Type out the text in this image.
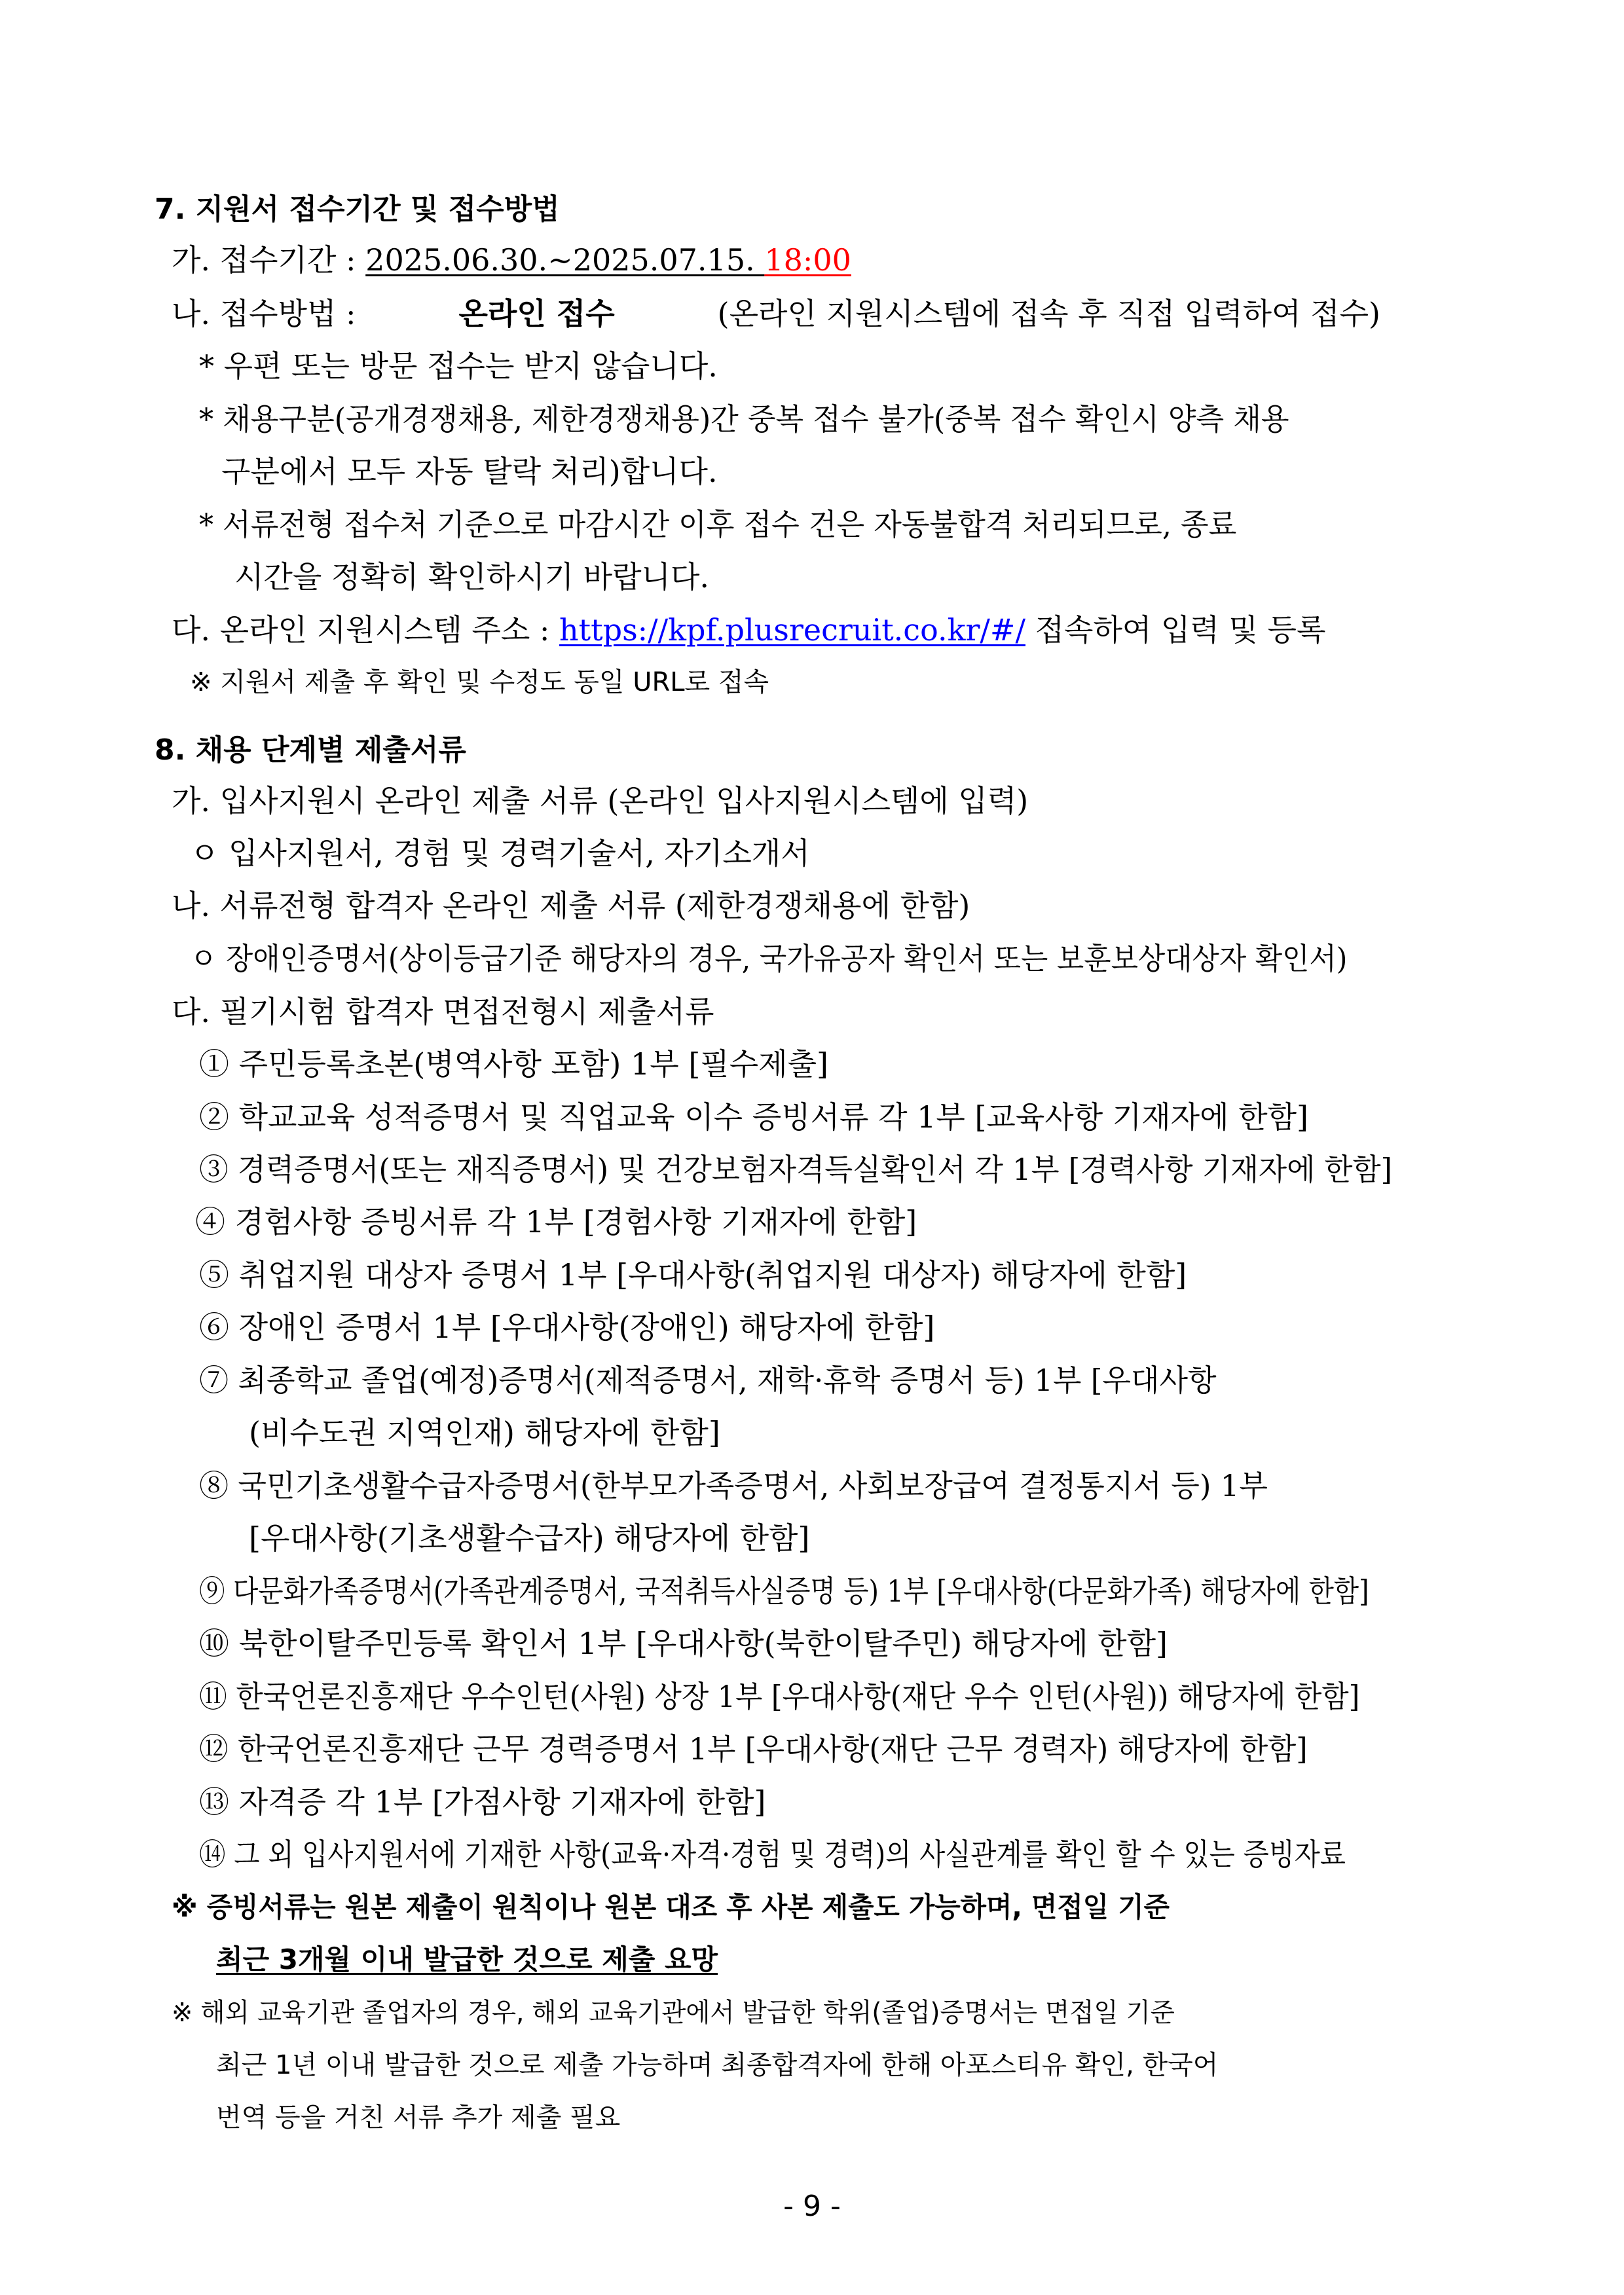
7. 지원서 접수기간 및 접수방법
가. 접수기간 : 2025.06.30.∼2025.07.15. 18:00
나. 접수방법 :	온라인 접수	(온라인 지원시스템에 접속 후 직접 입력하여 접수)
* 우편 또는 방문 접수는 받지 않습니다.
* 채용구분(공개경쟁채용, 제한경쟁채용)간 중복 접수 불가(중복 접수 확인시 양측 채용
구분에서 모두 자동 탈락 처리)합니다.
* 서류전형 접수처 기준으로 마감시간 이후 접수 건은 자동불합격 처리되므로, 종료
시간을 정확히 확인하시기 바랍니다.
다. 온라인 지원시스템 주소 : https://kpf.plusrecruit.co.kr/#/ 접속하여 입력 및 등록
※ 지원서 제출 후 확인 및 수정도 동일 URL로 접속
8. 채용 단계별 제출서류
가. 입사지원시 온라인 제출 서류 (온라인 입사지원시스템에 입력)
ㅇ 입사지원서, 경험 및 경력기술서, 자기소개서
나. 서류전형 합격자 온라인 제출 서류 (제한경쟁채용에 한함)
ㅇ 장애인증명서(상이등급기준 해당자의 경우, 국가유공자 확인서 또는 보훈보상대상자 확인서)
다. 필기시험 합격자 면접전형시 제출서류
① 주민등록초본(병역사항 포함) 1부 [필수제출]
② 학교교육 성적증명서 및 직업교육 이수 증빙서류 각 1부 [교육사항 기재자에 한함]
③ 경력증명서(또는 재직증명서) 및 건강보험자격득실확인서 각 1부 [경력사항 기재자에 한함]
④ 경험사항 증빙서류 각 1부 [경험사항 기재자에 한함]
⑤ 취업지원 대상자 증명서 1부 [우대사항(취업지원 대상자) 해당자에 한함]
⑥ 장애인 증명서 1부 [우대사항(장애인) 해당자에 한함]
⑦ 최종학교 졸업(예정)증명서(제적증명서, 재학·휴학 증명서 등) 1부 [우대사항
(비수도권 지역인재) 해당자에 한함]
⑧ 국민기초생활수급자증명서(한부모가족증명서, 사회보장급여 결정통지서 등) 1부
[우대사항(기초생활수급자) 해당자에 한함]
⑨ 다문화가족증명서(가족관계증명서, 국적취득사실증명 등) 1부 [우대사항(다문화가족) 해당자에 한함]
⑩ 북한이탈주민등록 확인서 1부 [우대사항(북한이탈주민) 해당자에 한함]
⑪ 한국언론진흥재단 우수인턴(사원) 상장 1부 [우대사항(재단 우수 인턴(사원)) 해당자에 한함]
⑫ 한국언론진흥재단 근무 경력증명서 1부 [우대사항(재단 근무 경력자) 해당자에 한함]
⑬ 자격증 각 1부 [가점사항 기재자에 한함]
⑭ 그 외 입사지원서에 기재한 사항(교육·자격·경험 및 경력)의 사실관계를 확인 할 수 있는 증빙자료
※ 증빙서류는 원본 제출이 원칙이나 원본 대조 후 사본 제출도 가능하며, 면접일 기준
최근 3개월 이내 발급한 것으로 제출 요망
※ 해외 교육기관 졸업자의 경우, 해외 교육기관에서 발급한 학위(졸업)증명서는 면접일 기준
최근 1년 이내 발급한 것으로 제출 가능하며 최종합격자에 한해 아포스티유 확인, 한국어
번역 등을 거친 서류 추가 제출 필요
- 9 -
